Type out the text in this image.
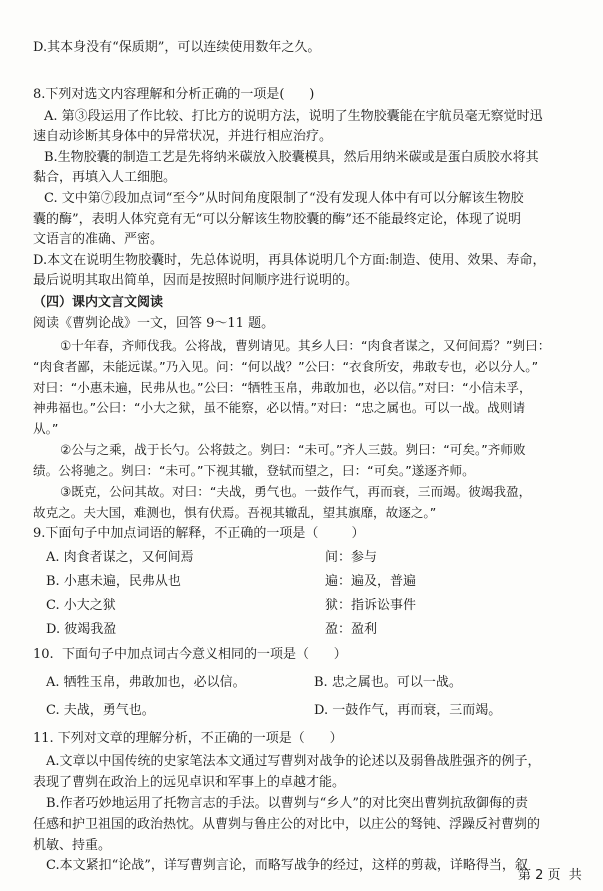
D.其本身没有“保质期”，可以连续使用数年之久。
8.下列对选文内容理解和分析正确的一项是(      )
A. 第③段运用了作比较、打比方的说明方法，说明了生物胶囊能在宇航员毫无察觉时迅
速自动诊断其身体中的异常状况，并进行相应治疗。
B.生物胶囊的制造工艺是先将纳米碳放入胶囊模具，然后用纳米碳或是蛋白质胶水将其
黏合，再填入人工细胞。
C. 文中第⑦段加点词“至今”从时间角度限制了“没有发现人体中有可以分解该生物胶
囊的酶”，表明人体究竟有无“可以分解该生物胶囊的酶”还不能最终定论，体现了说明
文语言的准确、严密。
D.本文在说明生物胶囊时，先总体说明，再具体说明几个方面:制造、使用、效果、寿命，
最后说明其取出简单，因而是按照时间顺序进行说明的。
（四）课内文言文阅读
阅读《曹刿论战》一文，回答 9～11 题。
①十年春，齐师伐我。公将战，曹刿请见。其乡人曰：“肉食者谋之，又何间焉？”刿曰：
“肉食者鄙，未能远谋。”乃入见。问：“何以战？”公曰：“衣食所安，弗敢专也，必以分人。”
对曰：“小惠未遍，民弗从也。”公曰：“牺牲玉帛，弗敢加也，必以信。”对曰：“小信未孚，
神弗福也。”公曰：“小大之狱，虽不能察，必以情。”对曰：“忠之属也。可以一战。战则请
从。”
②公与之乘，战于长勺。公将鼓之。刿曰：“未可。”齐人三鼓。刿曰：“可矣。”齐师败
绩。公将驰之。刿曰：“未可。”下视其辙，登轼而望之，曰：“可矣。”遂逐齐师。
③既克，公问其故。对曰：“夫战，勇气也。一鼓作气，再而衰，三而竭。彼竭我盈，
故克之。夫大国，难测也，惧有伏焉。吾视其辙乱，望其旗靡，故逐之。”
9.下面句子中加点词语的解释，不正确的一项是（        ）
A. 肉食者谋之，又何间焉	间：参与
B. 小惠未遍，民弗从也	遍：遍及，普遍
C. 小大之狱	狱：指诉讼事件
D. 彼竭我盈	盈：盈利
10.  下面句子中加点词古今意义相同的一项是（      ）
A. 牺牲玉帛，弗敢加也，必以信。	B. 忠之属也。可以一战。
C. 夫战，勇气也。	D. 一鼓作气，再而衰，三而竭。
11. 下列对文章的理解分析，不正确的一项是（      ）
A.文章以中国传统的史家笔法本文通过写曹刿对战争的论述以及弱鲁战胜强齐的例子，
表现了曹刿在政治上的远见卓识和军事上的卓越才能。
B.作者巧妙地运用了托物言志的手法。以曹刿与“乡人”的对比突出曹刿抗敌御侮的责
任感和护卫祖国的政治热忱。从曹刿与鲁庄公的对比中，以庄公的驽钝、浮躁反衬曹刿的
机敏、持重。
C.本文紧扣“论战”，详写曹刿言论，而略写战争的经过，这样的剪裁，详略得当，叙
第 2 页  共
